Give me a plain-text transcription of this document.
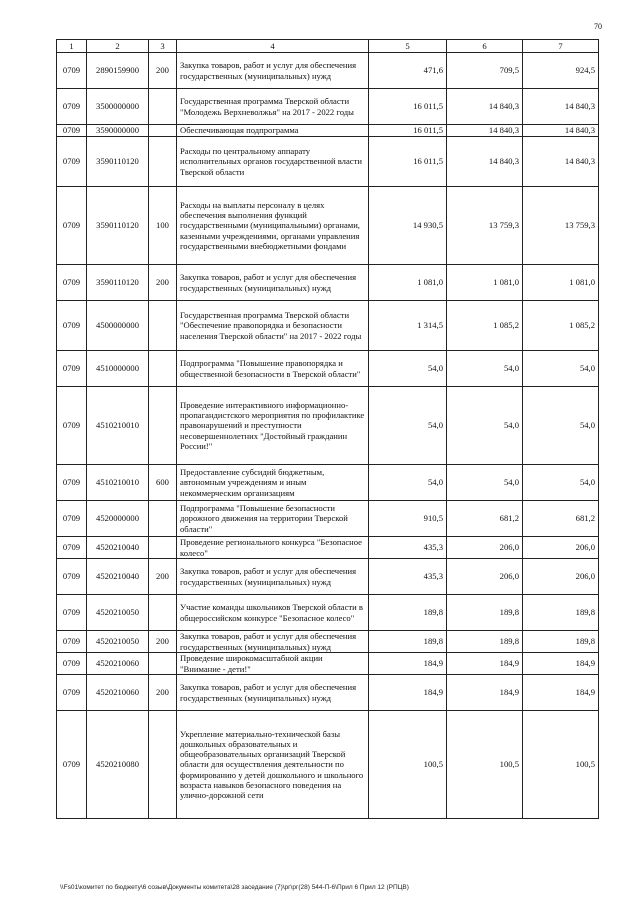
70
1	2	3	4	5	6	7
0709	2890159900	200	Закупка товаров, работ и услуг для обеспечения государственных (муниципальных) нужд	471,6	709,5	924,5
0709	3500000000		Государственная программа Тверской области "Молодежь Верхневолжья" на 2017 - 2022 годы	16 011,5	14 840,3	14 840,3
0709	3590000000		Обеспечивающая подпрограмма	16 011,5	14 840,3	14 840,3
0709	3590110120		Расходы по центральному аппарату исполнительных органов государственной власти Тверской области	16 011,5	14 840,3	14 840,3
0709	3590110120	100	Расходы на выплаты персоналу в целях обеспечения выполнения функций государственными (муниципальными) органами, казенными учреждениями, органами управления государственными внебюджетными фондами	14 930,5	13 759,3	13 759,3
0709	3590110120	200	Закупка товаров, работ и услуг для обеспечения государственных (муниципальных) нужд	1 081,0	1 081,0	1 081,0
0709	4500000000		Государственная программа Тверской области "Обеспечение правопорядка и безопасности населения Тверской области" на 2017 - 2022 годы	1 314,5	1 085,2	1 085,2
0709	4510000000		Подпрограмма "Повышение правопорядка и общественной безопасности в Тверской области"	54,0	54,0	54,0
0709	4510210010		Проведение интерактивного информационно-пропагандистского мероприятия по профилактике правонарушений и преступности несовершеннолетних "Достойный гражданин России!"	54,0	54,0	54,0
0709	4510210010	600	Предоставление субсидий бюджетным, автономным учреждениям и иным некоммерческим организациям	54,0	54,0	54,0
0709	4520000000		Подпрограмма "Повышение безопасности дорожного движения на территории Тверской области"	910,5	681,2	681,2
0709	4520210040		Проведение регионального конкурса "Безопасное колесо"	435,3	206,0	206,0
0709	4520210040	200	Закупка товаров, работ и услуг для обеспечения государственных (муниципальных) нужд	435,3	206,0	206,0
0709	4520210050		Участие команды школьников Тверской области в общероссийском конкурсе "Безопасное колесо"	189,8	189,8	189,8
0709	4520210050	200	Закупка товаров, работ и услуг для обеспечения государственных (муниципальных) нужд	189,8	189,8	189,8
0709	4520210060		Проведение широкомасштабной акции "Внимание - дети!"	184,9	184,9	184,9
0709	4520210060	200	Закупка товаров, работ и услуг для обеспечения государственных (муниципальных) нужд	184,9	184,9	184,9
0709	4520210080		Укрепление материально-технической базы дошкольных образовательных и общеобразовательных организаций Тверской области для осуществления деятельности по формированию у детей дошкольного и школьного возраста навыков безопасного поведения на улично-дорожной сети	100,5	100,5	100,5
\\Fs01\комитет по бюджету\6 созыв\Документы комитета\28 заседание (7)\рг\рг(28) 544-П-6\Прил 6 Прил 12 (РПЦВ)
